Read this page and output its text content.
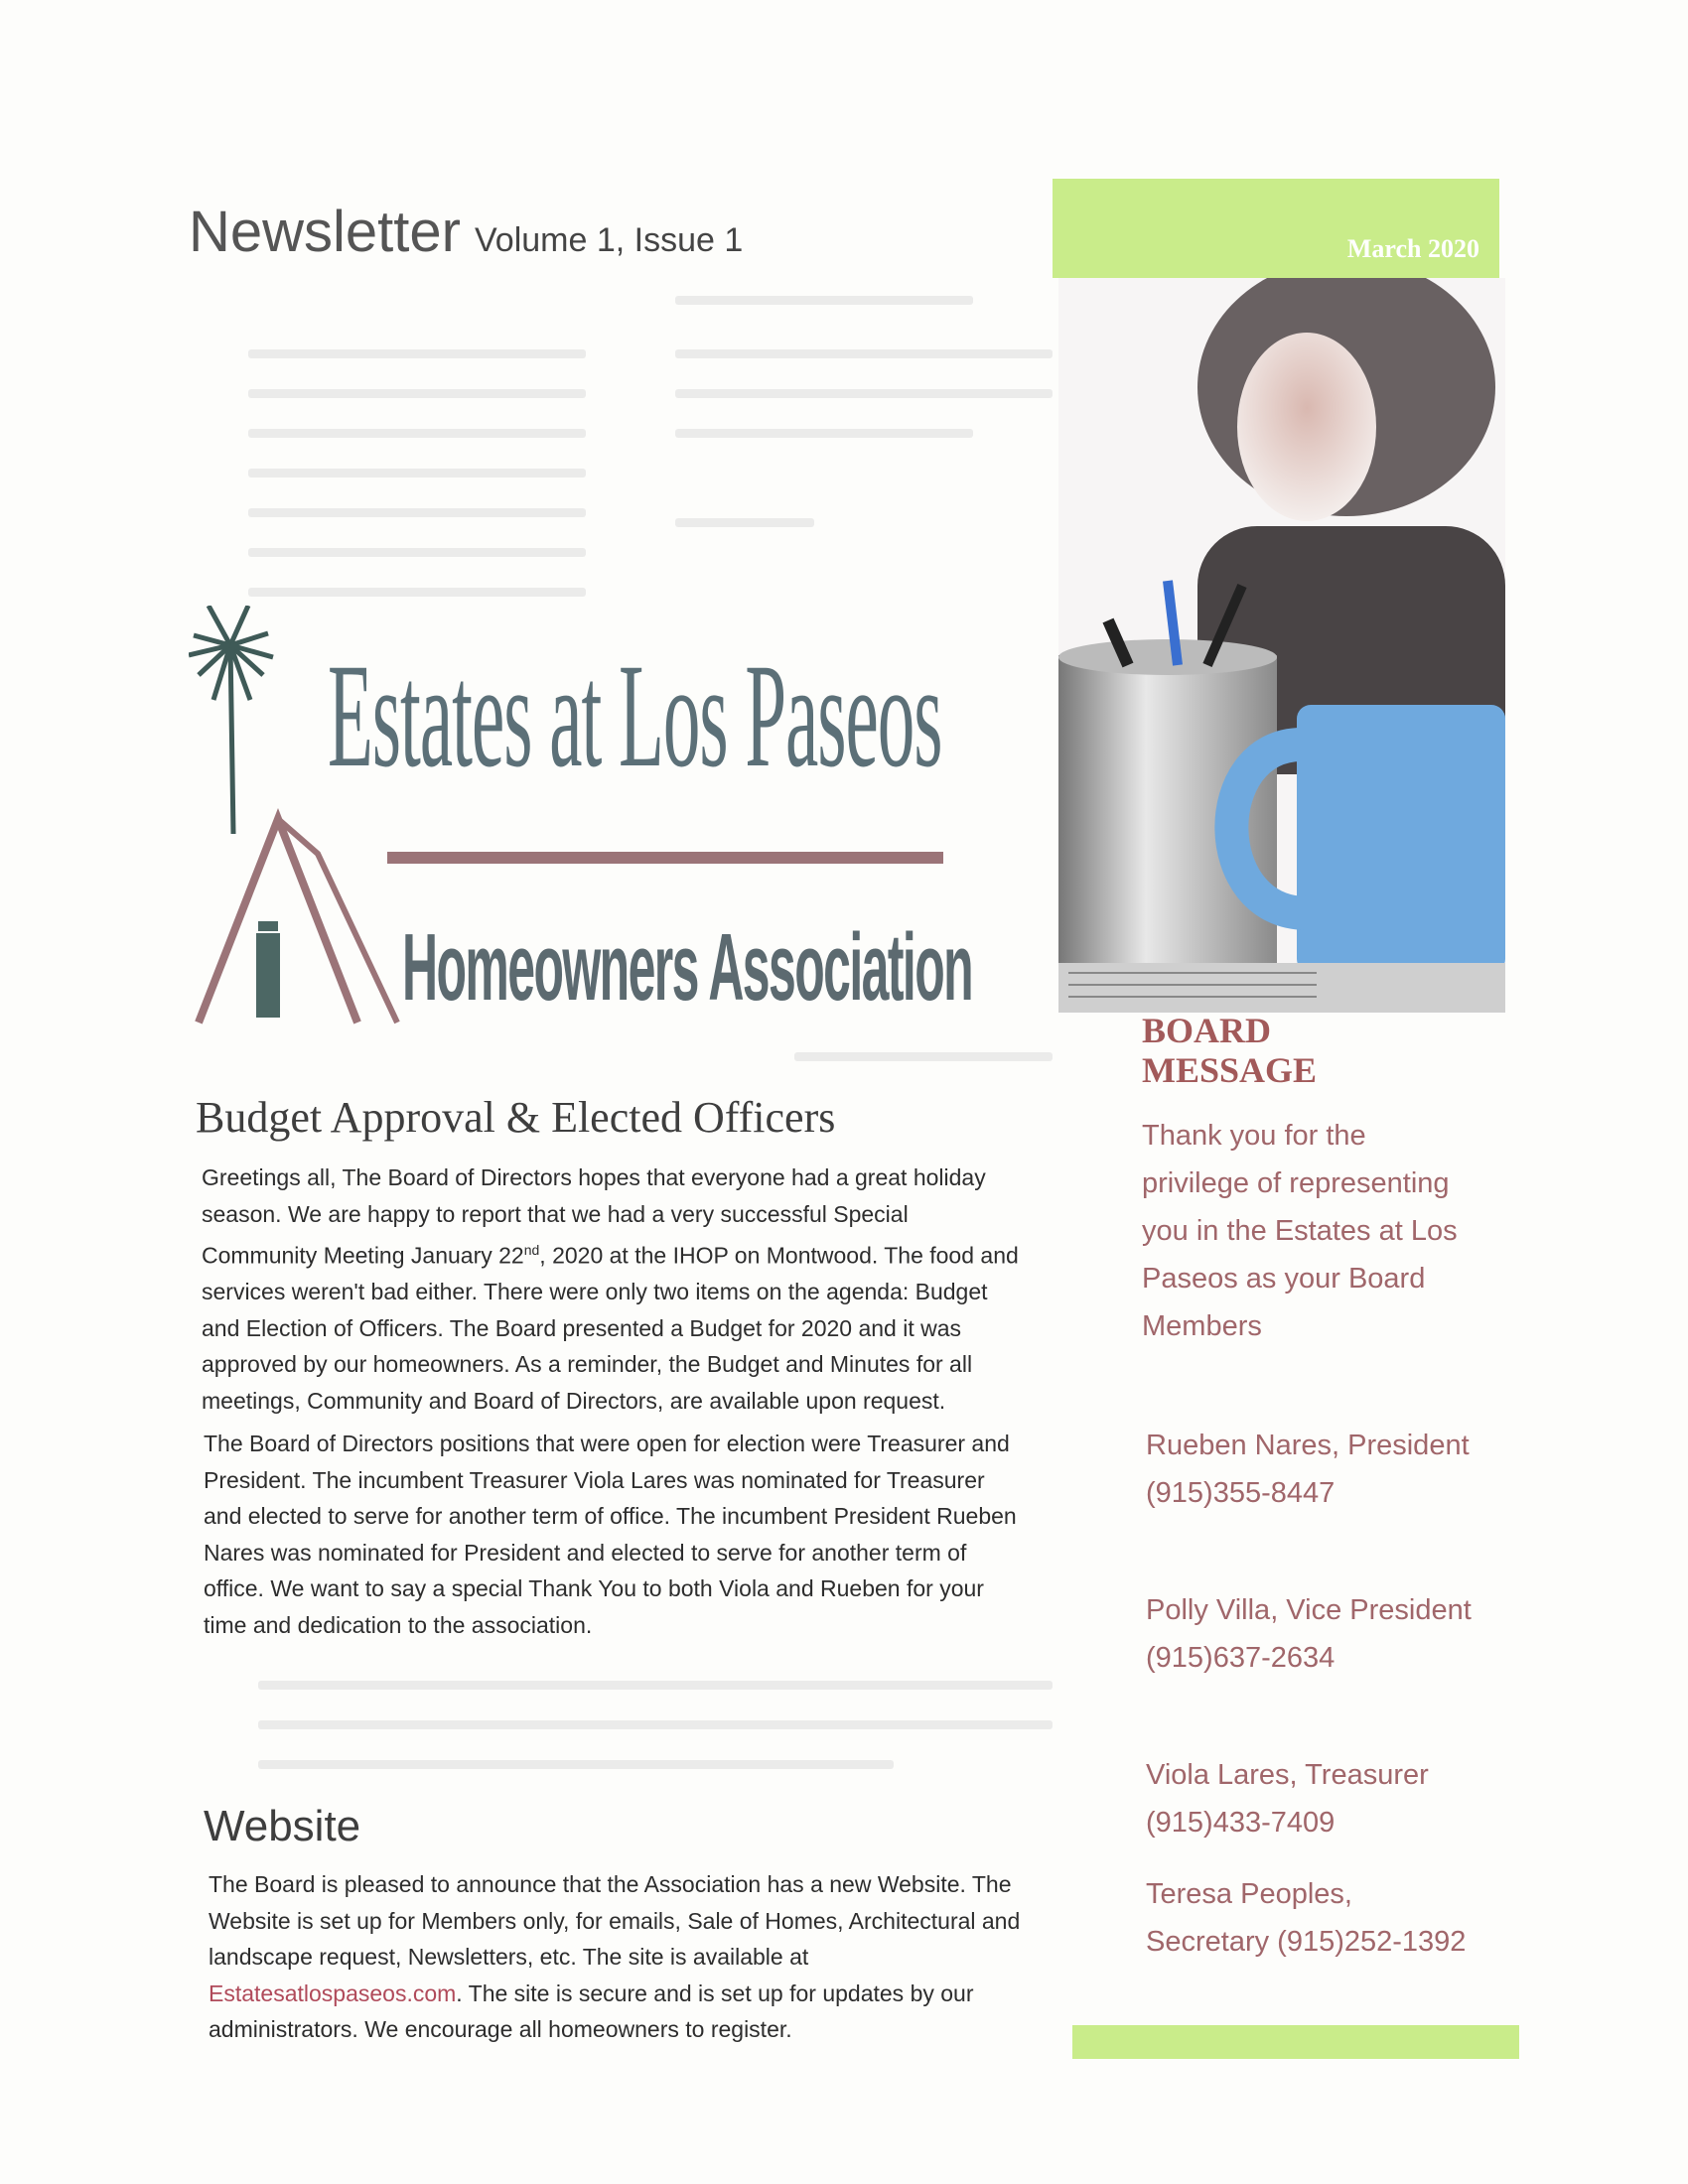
Newsletter Volume 1, Issue 1
Estates at Los Paseos
Homeowners Association
March 2020
BOARD MESSAGE
Thank you for the privilege of representing you in the Estates at Los Paseos as your Board Members
Rueben Nares, President (915)355-8447
Polly Villa, Vice President (915)637-2634
Viola Lares, Treasurer (915)433-7409
Teresa Peoples, Secretary (915)252-1392
Budget Approval & Elected Officers
Greetings all, The Board of Directors hopes that everyone had a great holiday season. We are happy to report that we had a very successful Special Community Meeting January 22nd, 2020 at the IHOP on Montwood. The food and services weren't bad either. There were only two items on the agenda: Budget and Election of Officers. The Board presented a Budget for 2020 and it was approved by our homeowners. As a reminder, the Budget and Minutes for all meetings, Community and Board of Directors, are available upon request.
The Board of Directors positions that were open for election were Treasurer and President. The incumbent Treasurer Viola Lares was nominated for Treasurer and elected to serve for another term of office. The incumbent President Rueben Nares was nominated for President and elected to serve for another term of office. We want to say a special Thank You to both Viola and Rueben for your time and dedication to the association.
Website
The Board is pleased to announce that the Association has a new Website. The Website is set up for Members only, for emails, Sale of Homes, Architectural and landscape request, Newsletters, etc. The site is available at Estatesatlospaseos.com. The site is secure and is set up for updates by our administrators. We encourage all homeowners to register.
